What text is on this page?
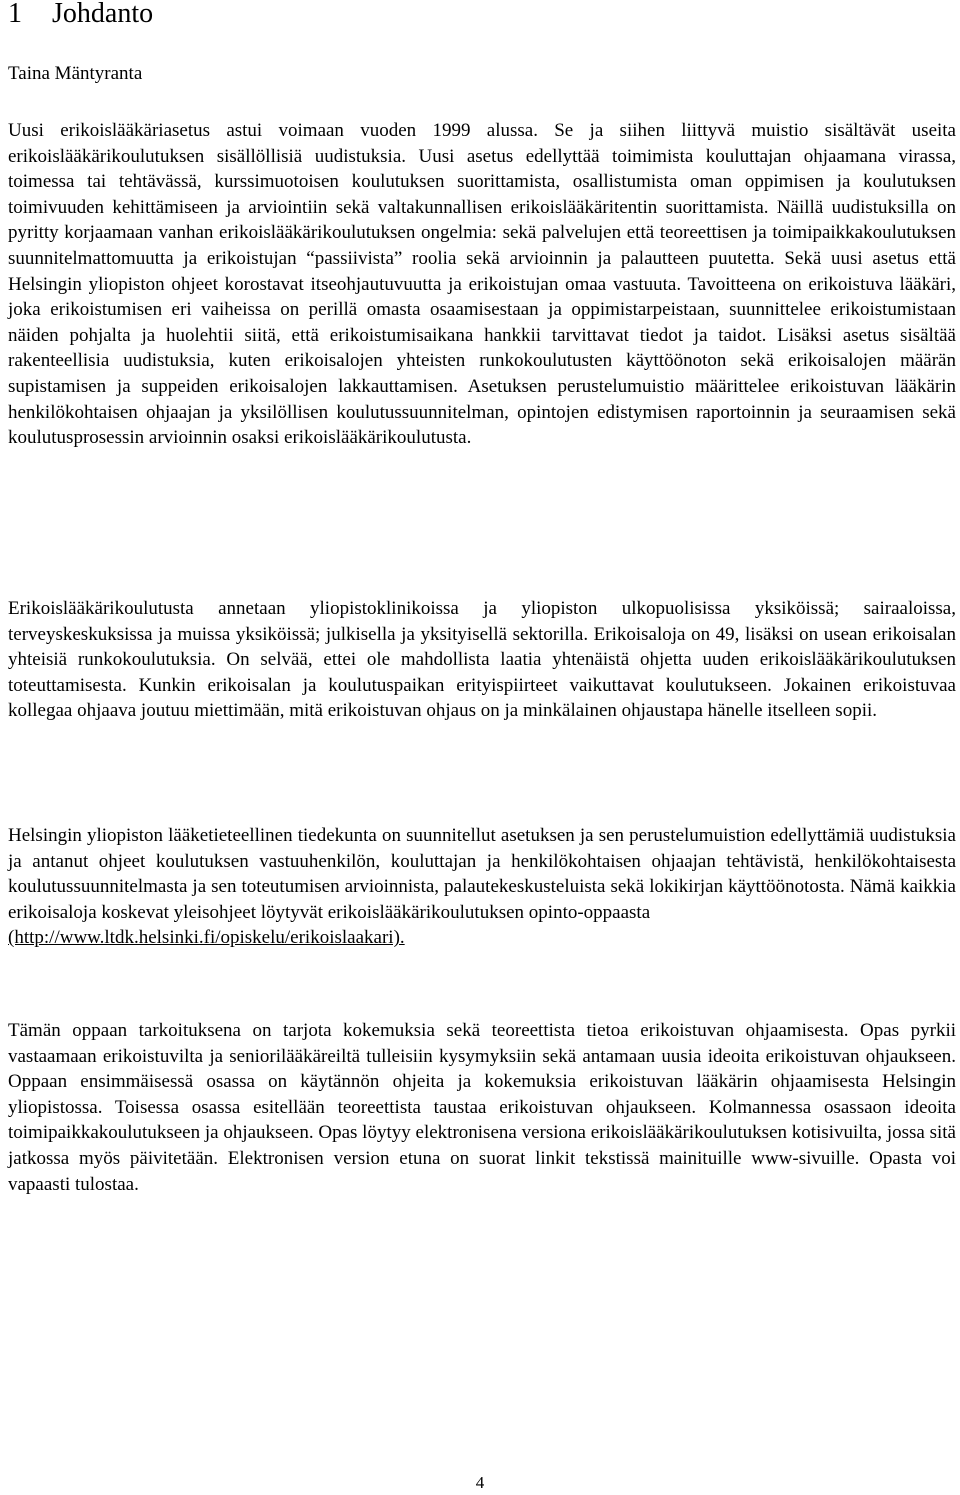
1 Johdanto

Taina Mäntyranta

Uusi erikoislääkäriasetus astui voimaan vuoden 1999 alussa. Se ja siihen liittyvä muistio sisältävät useita erikoislääkärikoulutuksen sisällöllisiä uudistuksia. Uusi asetus edellyttää toimimista kouluttajan ohjaamana virassa, toimessa tai tehtävässä, kurssimuotoisen koulutuksen suorittamista, osallistumista oman oppimisen ja koulutuksen toimivuuden kehittämiseen ja arviointiin sekä valtakunnallisen erikoislääkäritentin suorittamista. Näillä uudistuksilla on pyritty korjaamaan vanhan erikoislääkärikoulutuksen ongelmia: sekä palvelujen että teoreettisen ja toimipaikkakoulutuksen suunnitelmattomuutta ja erikoistujan “passiivista” roolia sekä arvioinnin ja palautteen puutetta. Sekä uusi asetus että Helsingin yliopiston ohjeet korostavat itseohjautuvuutta ja erikoistujan omaa vastuuta. Tavoitteena on erikoistuva lääkäri, joka erikoistumisen eri vaiheissa on perillä omasta osaamisestaan ja oppimistarpeistaan, suunnittelee erikoistumistaan näiden pohjalta ja huolehtii siitä, että erikoistumisaikana hankkii tarvittavat tiedot ja taidot. Lisäksi asetus sisältää rakenteellisia uudistuksia, kuten erikoisalojen yhteisten runkokoulutusten käyttöönoton sekä erikoisalojen määrän supistamisen ja suppeiden erikoisalojen lakkauttamisen. Asetuksen perustelumuistio määrittelee erikoistuvan lääkärin henkilökohtaisen ohjaajan ja yksilöllisen koulutussuunnitelman, opintojen edistymisen raportoinnin ja seuraamisen sekä koulutusprosessin arvioinnin osaksi erikoislääkärikoulutusta.

Erikoislääkärikoulutusta annetaan yliopistoklinikoissa ja yliopiston ulkopuolisissa yksiköissä; sairaaloissa, terveyskeskuksissa ja muissa yksiköissä; julkisella ja yksityisellä sektorilla. Erikoisaloja on 49, lisäksi on usean erikoisalan yhteisiä runkokoulutuksia. On selvää, ettei ole mahdollista laatia yhtenäistä ohjetta uuden erikoislääkärikoulutuksen toteuttamisesta. Kunkin erikoisalan ja koulutuspaikan erityispiirteet vaikuttavat koulutukseen. Jokainen erikoistuvaa kollegaa ohjaava joutuu miettimään, mitä erikoistuvan ohjaus on ja minkälainen ohjaustapa hänelle itselleen sopii.

Helsingin yliopiston lääketieteellinen tiedekunta on suunnitellut asetuksen ja sen perustelumuistion edellyttämiä uudistuksia ja antanut ohjeet koulutuksen vastuuhenkilön, kouluttajan ja henkilökohtaisen ohjaajan tehtävistä, henkilökohtaisesta koulutussuunnitelmasta ja sen toteutumisen arvioinnista, palautekeskusteluista sekä lokikirjan käyttöönotosta. Nämä kaikkia erikoisaloja koskevat yleisohjeet löytyvät erikoislääkärikoulutuksen opinto-oppaasta
(http://www.ltdk.helsinki.fi/opiskelu/erikoislaakari).

Tämän oppaan tarkoituksena on tarjota kokemuksia sekä teoreettista tietoa erikoistuvan ohjaamisesta. Opas pyrkii vastaamaan erikoistuvilta ja seniorilääkäreiltä tulleisiin kysymyksiin sekä antamaan uusia ideoita erikoistuvan ohjaukseen. Oppaan ensimmäisessä osassa on käytännön ohjeita ja kokemuksia erikoistuvan lääkärin ohjaamisesta Helsingin yliopistossa. Toisessa osassa esitellään teoreettista taustaa erikoistuvan ohjaukseen. Kolmannessa osassaon ideoita toimipaikkakoulutukseen ja ohjaukseen. Opas löytyy elektronisena versiona erikoislääkärikoulutuksen kotisivuilta, jossa sitä jatkossa myös päivitetään. Elektronisen version etuna on suorat linkit tekstissä mainituille www-sivuille. Opasta voi vapaasti tulostaa.

4
